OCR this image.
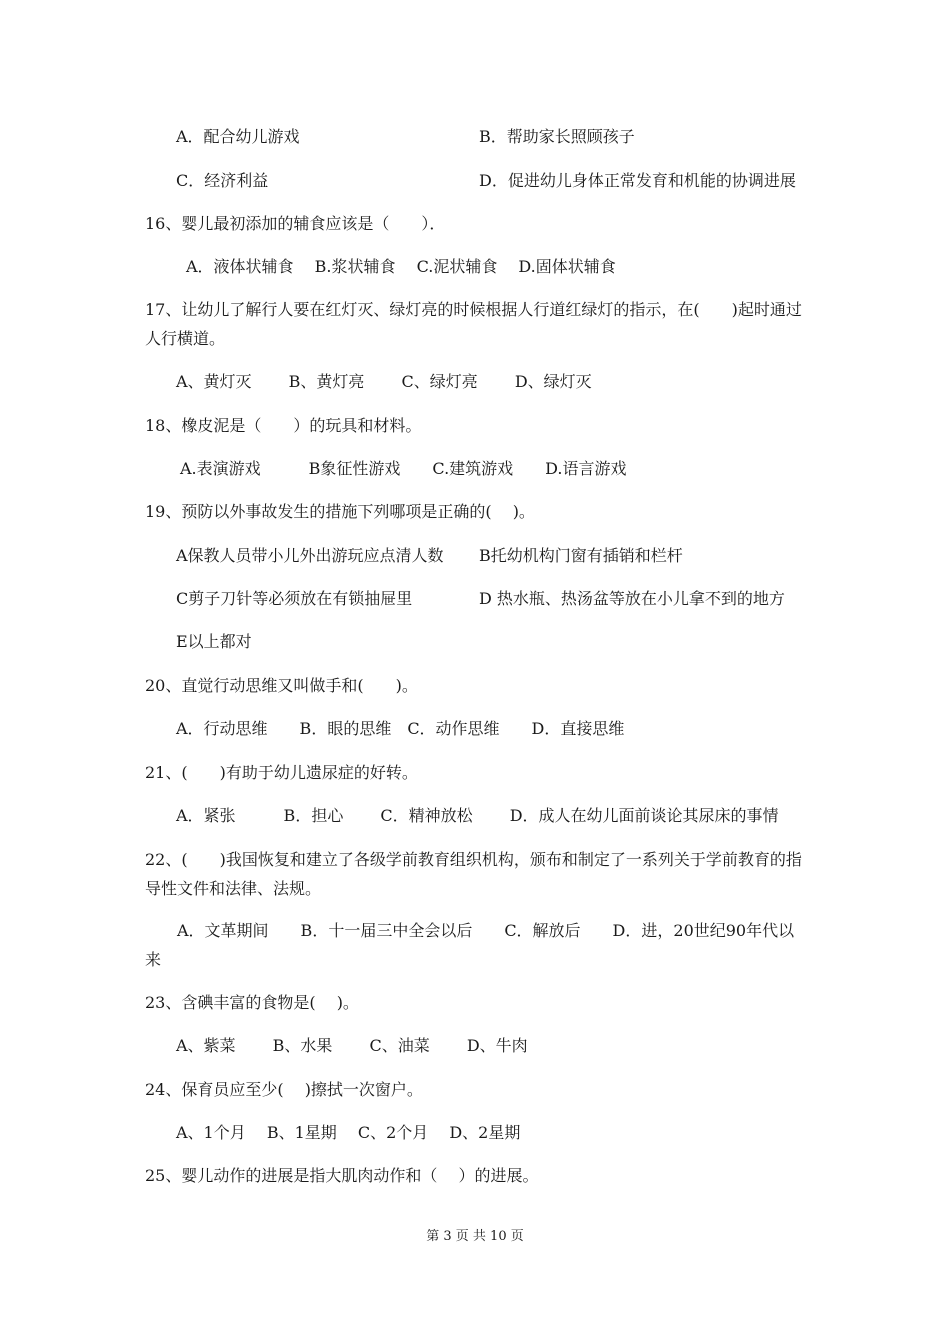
A．配合幼儿游戏	B．帮助家长照顾孩子
C．经济利益	D．促进幼儿身体正常发育和机能的协调进展
16、婴儿最初添加的辅食应该是（　　）．
A．液体状辅食　 B.浆状辅食　 C.泥状辅食　 D.固体状辅食
17、让幼儿了解行人要在红灯灭、绿灯亮的时候根据人行道红绿灯的指示，在(　　)起时通过人行横道。
A、黄灯灭　　 B、黄灯亮　　 C、绿灯亮　　 D、绿灯灭
18、橡皮泥是（　　）的玩具和材料。
A.表演游戏　　　B象征性游戏　　C.建筑游戏　　D.语言游戏
19、预防以外事故发生的措施下列哪项是正确的(　 )。
A保教人员带小儿外出游玩应点清人数 B托幼机构门窗有插销和栏杆
C剪子刀针等必须放在有锁抽屉里	D 热水瓶、热汤盆等放在小儿拿不到的地方
E以上都对
20、直觉行动思维又叫做手和(　　)。
A．行动思维　　B．眼的思维　C．动作思维　　D．直接思维
21、(　　)有助于幼儿遗尿症的好转。
A．紧张　　　B．担心　　 C．精神放松　　 D．成人在幼儿面前谈论其尿床的事情
22、(　　)我国恢复和建立了各级学前教育组织机构，颁布和制定了一系列关于学前教育的指导性文件和法律、法规。
　　A．文革期间　　B．十一届三中全会以后　　C．解放后　　D．进，20世纪90年代以来
23、含碘丰富的食物是(　 )。
A、紫菜　　 B、水果　　 C、油菜　　 D、牛肉
24、保育员应至少(　 )擦拭一次窗户。
A、1个月　 B、1星期　 C、2个月　 D、2星期
25、婴儿动作的进展是指大肌肉动作和（　 ）的进展。
第 3 页 共 10 页
